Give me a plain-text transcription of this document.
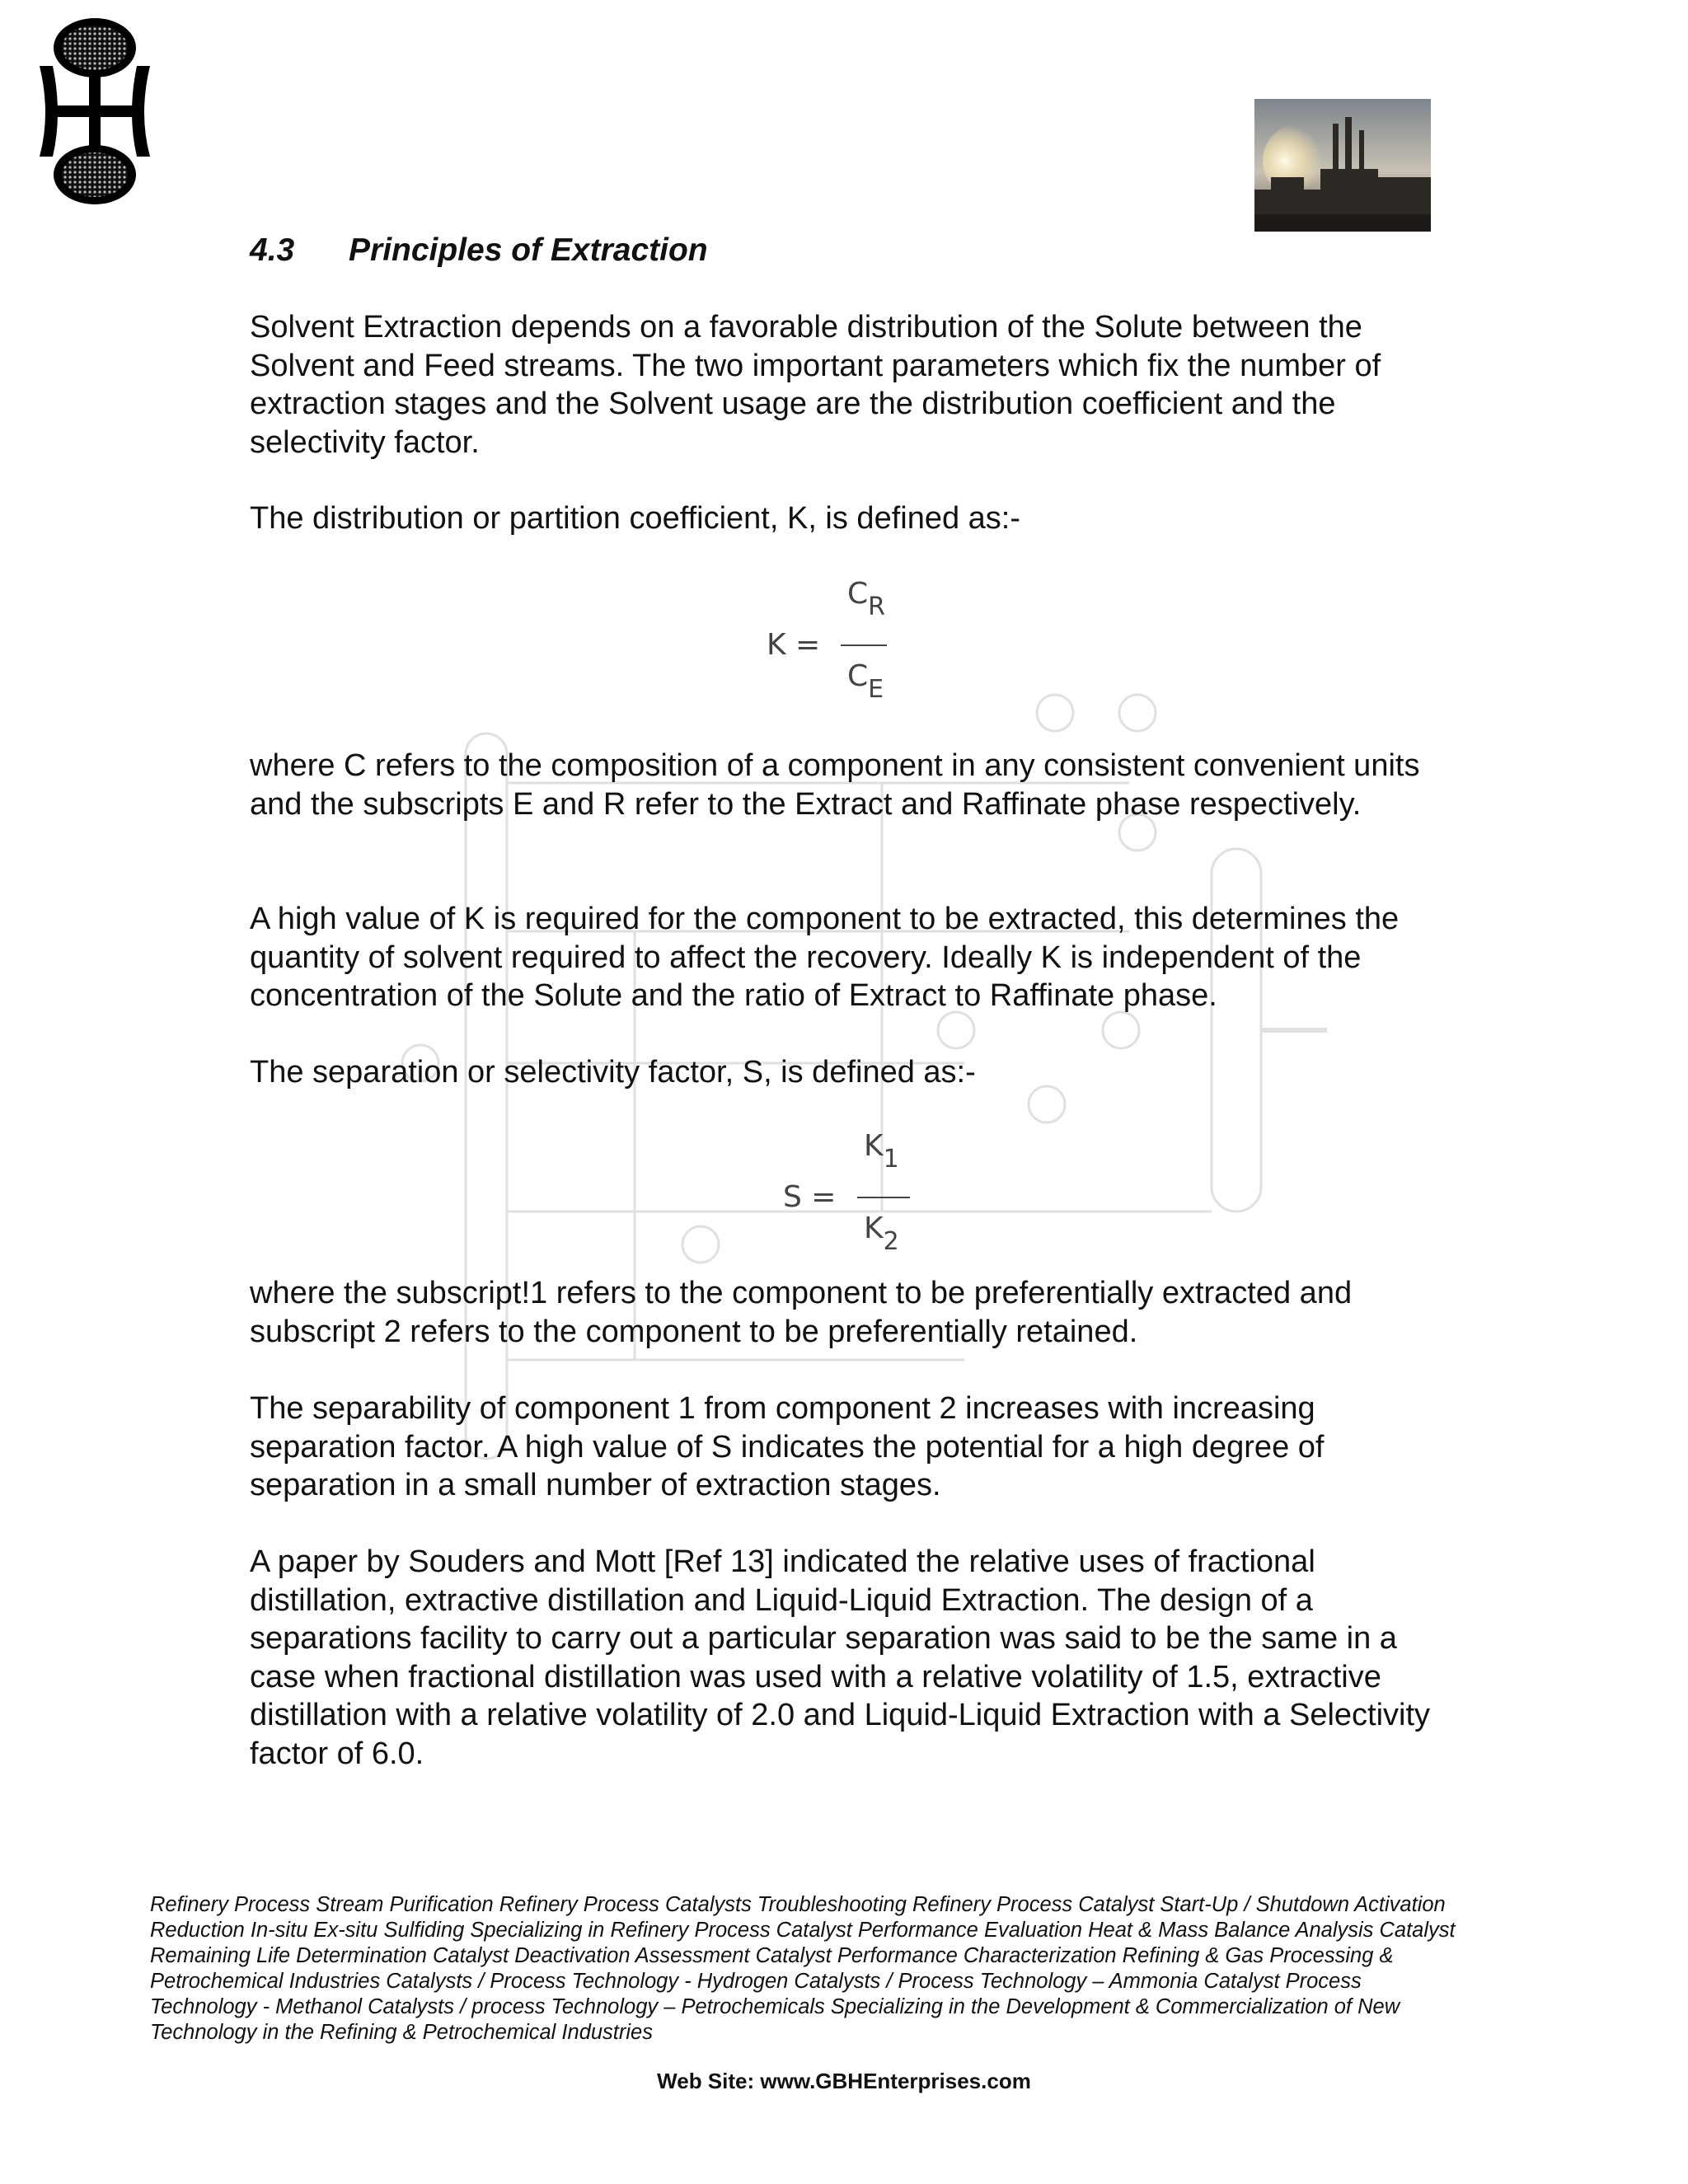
4.3 Principles of Extraction

Solvent Extraction depends on a favorable distribution of the Solute between the Solvent and Feed streams. The two important parameters which fix the number of extraction stages and the Solvent usage are the distribution coefficient and the selectivity factor.

The distribution or partition coefficient, K, is defined as:-

K =
$C_R$
$C_E$

where C refers to the composition of a component in any consistent convenient units and the subscripts E and R refer to the Extract and Raffinate phase respectively.

A high value of K is required for the component to be extracted, this determines the quantity of solvent required to affect the recovery. Ideally K is independent of the concentration of the Solute and the ratio of Extract to Raffinate phase.

The separation or selectivity factor, S, is defined as:-

S =
$K_1$
$K_2$

where the subscript!1 refers to the component to be preferentially extracted and subscript 2 refers to the component to be preferentially retained.

The separability of component 1 from component 2 increases with increasing separation factor. A high value of S indicates the potential for a high degree of separation in a small number of extraction stages.

A paper by Souders and Mott [Ref 13] indicated the relative uses of fractional distillation, extractive distillation and Liquid-Liquid Extraction. The design of a separations facility to carry out a particular separation was said to be the same in a case when fractional distillation was used with a relative volatility of 1.5, extractive distillation with a relative volatility of 2.0 and Liquid-Liquid Extraction with a Selectivity factor of 6.0.

Refinery Process Stream Purification Refinery Process Catalysts Troubleshooting Refinery Process Catalyst Start-Up / Shutdown Activation Reduction In-situ Ex-situ Sulfiding Specializing in Refinery Process Catalyst Performance Evaluation Heat & Mass Balance Analysis Catalyst Remaining Life Determination Catalyst Deactivation Assessment Catalyst Performance Characterization Refining & Gas Processing & Petrochemical Industries Catalysts / Process Technology - Hydrogen Catalysts / Process Technology – Ammonia Catalyst Process Technology - Methanol Catalysts / process Technology – Petrochemicals Specializing in the Development & Commercialization of New Technology in the Refining & Petrochemical Industries

Web Site: www.GBHEnterprises.com
